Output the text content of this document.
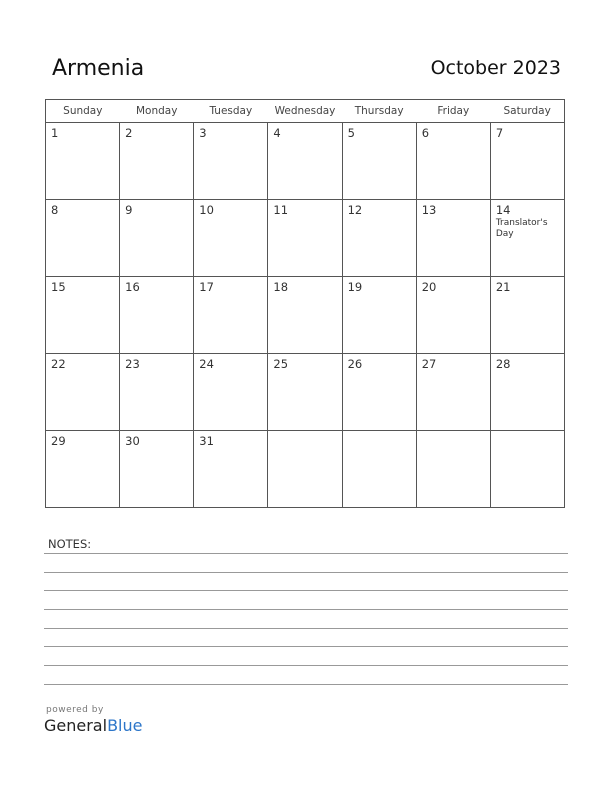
Armenia	October 2023
Sunday	Monday	Tuesday	Wednesday	Thursday	Friday	Saturday

1	2	3	4	5	6	7

8	9	10	11	12	13	14
Translator's Day

15	16	17	18	19	20	21

22	23	24	25	26	27	28

29	30	31				

NOTES:
powered by
GeneralBlue
